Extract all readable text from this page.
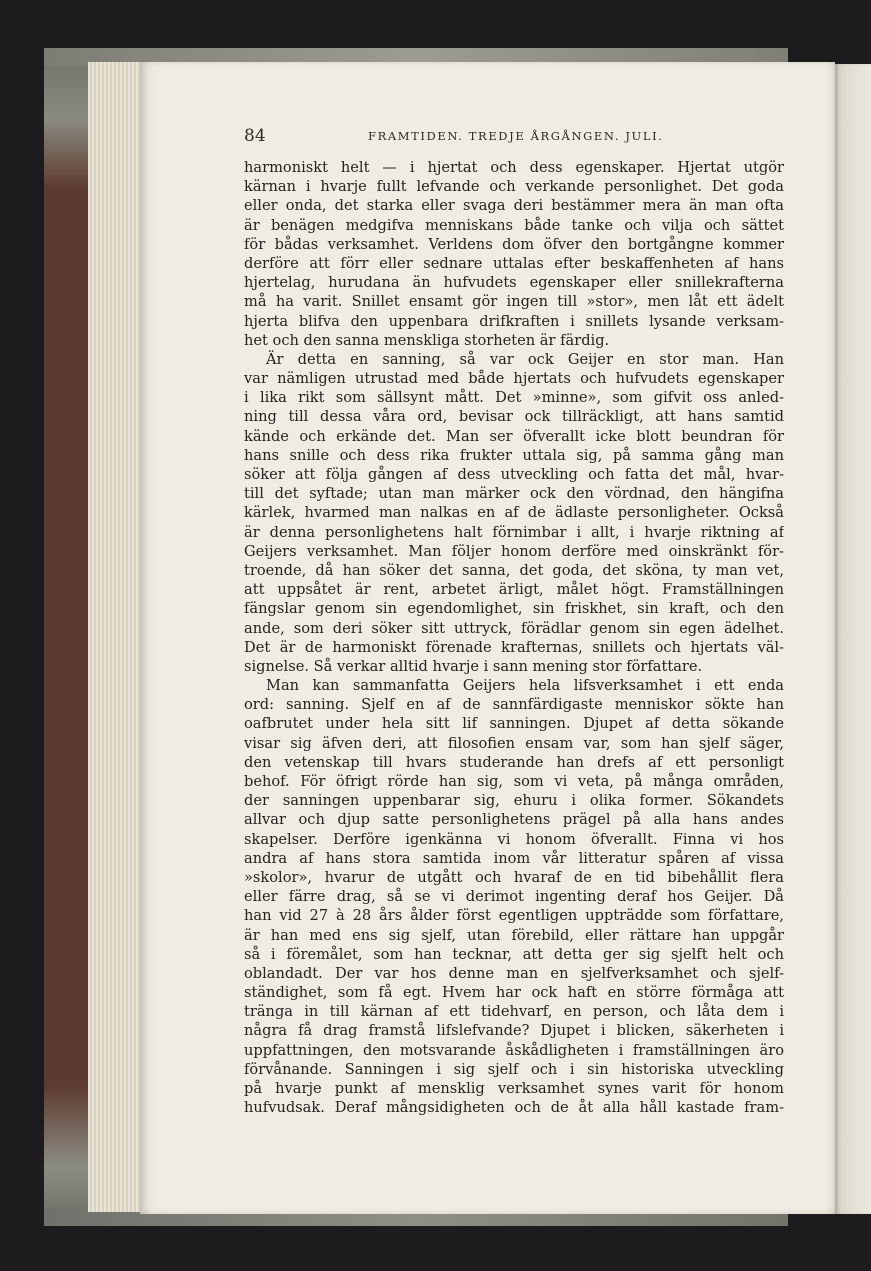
84	FRAMTIDEN. TREDJE ÅRGÅNGEN. JULI.
harmoniskt helt — i hjertat och dess egenskaper. Hjertat utgör
kärnan i hvarje fullt lefvande och verkande personlighet. Det goda
eller onda, det starka eller svaga deri bestämmer mera än man ofta
är benägen medgifva menniskans både tanke och vilja och sättet
för bådas verksamhet. Verldens dom öfver den bortgångne kommer
derföre att förr eller sednare uttalas efter beskaffenheten af hans
hjertelag, hurudana än hufvudets egenskaper eller snillekrafterna
må ha varit. Snillet ensamt gör ingen till »stor», men låt ett ädelt
hjerta blifva den uppenbara drifkraften i snillets lysande verksam-
het och den sanna menskliga storheten är färdig.
Är detta en sanning, så var ock Geijer en stor man. Han
var nämligen utrustad med både hjertats och hufvudets egenskaper
i lika rikt som sällsynt mått. Det »minne», som gifvit oss anled-
ning till dessa våra ord, bevisar ock tillräckligt, att hans samtid
kände och erkände det. Man ser öfverallt icke blott beundran för
hans snille och dess rika frukter uttala sig, på samma gång man
söker att följa gången af dess utveckling och fatta det mål, hvar-
till det syftade; utan man märker ock den vördnad, den hängifna
kärlek, hvarmed man nalkas en af de ädlaste personligheter. Också
är denna personlighetens halt förnimbar i allt, i hvarje riktning af
Geijers verksamhet. Man följer honom derföre med oinskränkt för-
troende, då han söker det sanna, det goda, det sköna, ty man vet,
att uppsåtet är rent, arbetet ärligt, målet högt. Framställningen
fängslar genom sin egendomlighet, sin friskhet, sin kraft, och den
ande, som deri söker sitt uttryck, förädlar genom sin egen ädelhet.
Det är de harmoniskt förenade krafternas, snillets och hjertats väl-
signelse. Så verkar alltid hvarje i sann mening stor författare.
Man kan sammanfatta Geijers hela lifsverksamhet i ett enda
ord: sanning. Sjelf en af de sannfärdigaste menniskor sökte han
oafbrutet under hela sitt lif sanningen. Djupet af detta sökande
visar sig äfven deri, att filosofien ensam var, som han sjelf säger,
den vetenskap till hvars studerande han drefs af ett personligt
behof. För öfrigt rörde han sig, som vi veta, på många områden,
der sanningen uppenbarar sig, ehuru i olika former. Sökandets
allvar och djup satte personlighetens prägel på alla hans andes
skapelser. Derföre igenkänna vi honom öfverallt. Finna vi hos
andra af hans stora samtida inom vår litteratur spåren af vissa
»skolor», hvarur de utgått och hvaraf de en tid bibehållit flera
eller färre drag, så se vi derimot ingenting deraf hos Geijer. Då
han vid 27 à 28 års ålder först egentligen uppträdde som författare,
är han med ens sig sjelf, utan förebild, eller rättare han uppgår
så i föremålet, som han tecknar, att detta ger sig sjelft helt och
oblandadt. Der var hos denne man en sjelfverksamhet och sjelf-
ständighet, som få egt. Hvem har ock haft en större förmåga att
tränga in till kärnan af ett tidehvarf, en person, och låta dem i
några få drag framstå lifslefvande? Djupet i blicken, säkerheten i
uppfattningen, den motsvarande åskådligheten i framställningen äro
förvånande. Sanningen i sig sjelf och i sin historiska utveckling
på hvarje punkt af mensklig verksamhet synes varit för honom
hufvudsak. Deraf mångsidigheten och de åt alla håll kastade fram-
